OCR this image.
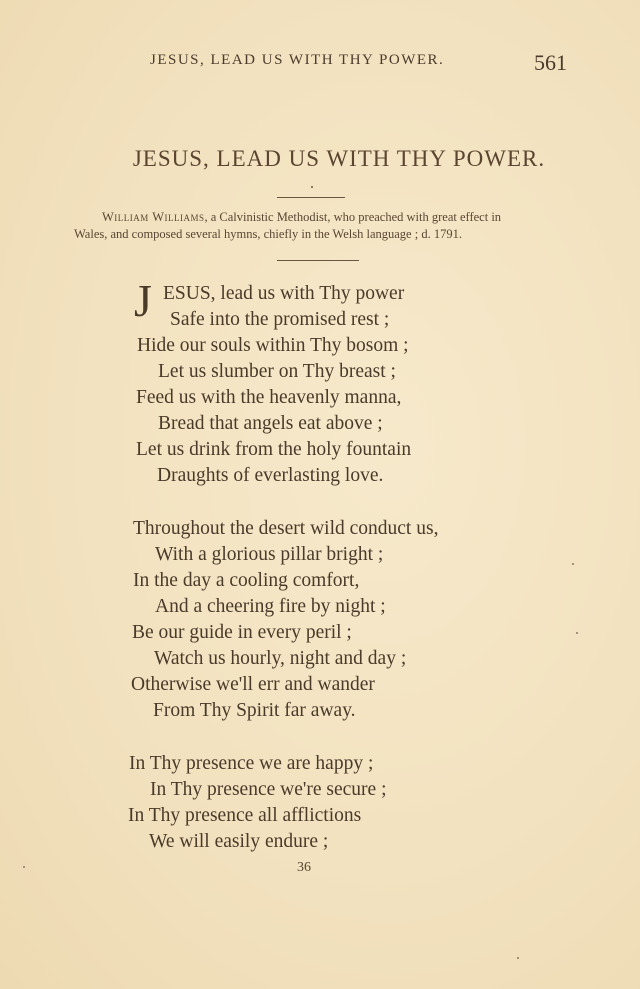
JESUS, LEAD US WITH THY POWER.	561
JESUS, LEAD US WITH THY POWER.
William Williams, a Calvinistic Methodist, who preached with great effect in
Wales, and composed several hymns, chiefly in the Welsh language ; d. 1791.
J ESUS, lead us with Thy power
Safe into the promised rest ;
Hide our souls within Thy bosom ;
Let us slumber on Thy breast ;
Feed us with the heavenly manna,
Bread that angels eat above ;
Let us drink from the holy fountain
Draughts of everlasting love.
Throughout the desert wild conduct us,
With a glorious pillar bright ;
In the day a cooling comfort,
And a cheering fire by night ;
Be our guide in every peril ;
Watch us hourly, night and day ;
Otherwise we'll err and wander
From Thy Spirit far away.
In Thy presence we are happy ;
In Thy presence we're secure ;
In Thy presence all afflictions
We will easily endure ;
36
